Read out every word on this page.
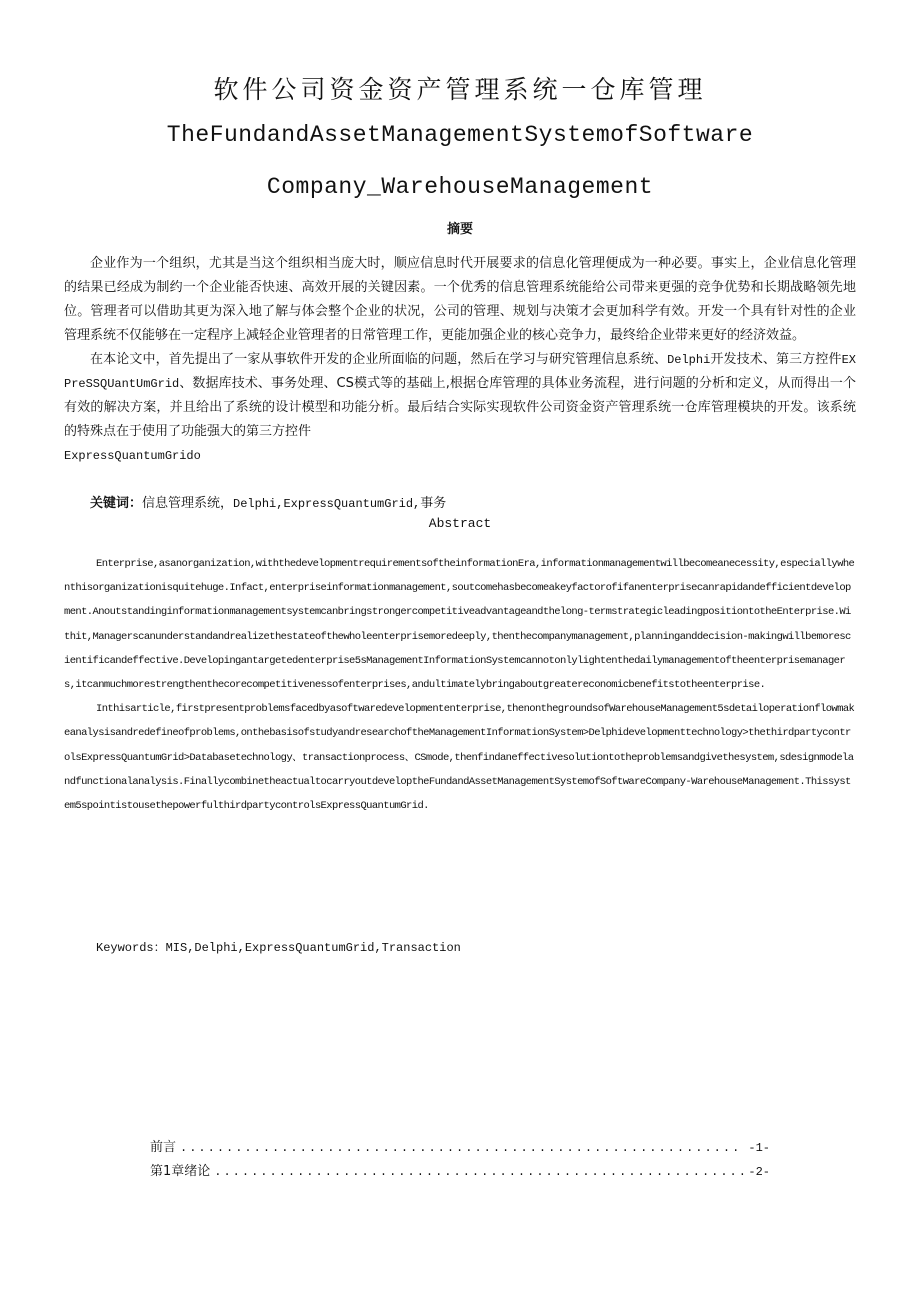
软件公司资金资产管理系统一仓库管理
TheFundandAssetManagementSystemofSoftware
Company_WarehouseManagement
摘要

企业作为一个组织，尤其是当这个组织相当庞大时，顺应信息时代开展要求的信息化管理便成为一种必要。事实上，企业信息化管理的结果已经成为制约一个企业能否快速、高效开展的关键因素。一个优秀的信息管理系统能给公司带来更强的竞争优势和长期战略领先地位。管理者可以借助其更为深入地了解与体会整个企业的状况，公司的管理、规划与决策才会更加科学有效。开发一个具有针对性的企业管理系统不仅能够在一定程序上减轻企业管理者的日常管理工作，更能加强企业的核心竞争力，最终给企业带来更好的经济效益。

在本论文中，首先提出了一家从事软件开发的企业所面临的问题，然后在学习与研究管理信息系统、Delphi开发技术、第三方控件EXPreSSQUantUmGrid、数据库技术、事务处理、CS模式等的基础上,根据仓库管理的具体业务流程，进行问题的分析和定义，从而得出一个有效的解决方案，并且给出了系统的设计模型和功能分析。最后结合实际实现软件公司资金资产管理系统一仓库管理模块的开发。该系统的特殊点在于使用了功能强大的第三方控件
ExpressQuantumGrido

关键词：信息管理系统，Delphi,ExpressQuantumGrid,事务
Abstract

Enterprise,asanorganization,withthedevelopmentrequirementsoftheinformationEra,informationmanagementwillbecomeanecessity,especiallywhenthisorganizationisquitehuge.Infact,enterpriseinformationmanagement,soutcomehasbecomeakeyfactorofifanenterprisecanrapidandefficientdevelopment.Anoutstandinginformationmanagementsystemcanbringstrongercompetitiveadvantageandthelong-termstrategicleadingpositiontotheEnterprise.Withit,Managerscanunderstandandrealizethestateofthewholeenterprisemoredeeply,thenthecompanymanagement,planninganddecision-makingwillbemorescientificandeffective.Developingantargetedenterprise5sManagementInformationSystemcannotonlylightenthedailymanagementoftheenterprisemanagers,itcanmuchmorestrengthenthecorecompetitivenessofenterprises,andultimatelybringaboutgreatereconomicbenefitstotheenterprise.

Inthisarticle,firstpresentproblemsfacedbyasoftwaredevelopmententerprise,thenonthegroundsofWarehouseManagement5sdetailoperationflowmakeanalysisandredefineofproblems,onthebasisofstudyandresearchoftheManagementInformationSystem>Delphidevelopmenttechnology>thethirdpartycontrolsExpressQuantumGrid>Databasetechnology、transactionprocess、CSmode,thenfindaneffectivesolutiontotheproblemsandgivethesystem,sdesignmodelandfunctionalanalysis.FinallycombinetheactualtocarryoutdeveloptheFundandAssetManagementSystemofSoftwareCompany-WarehouseManagement.Thissystem5spointistousethepowerfulthirdpartycontrolsExpressQuantumGrid.

Keywords：MIS,Delphi,ExpressQuantumGrid,Transaction
前言 .....	-1-
第1章绪论 .....	-2-
